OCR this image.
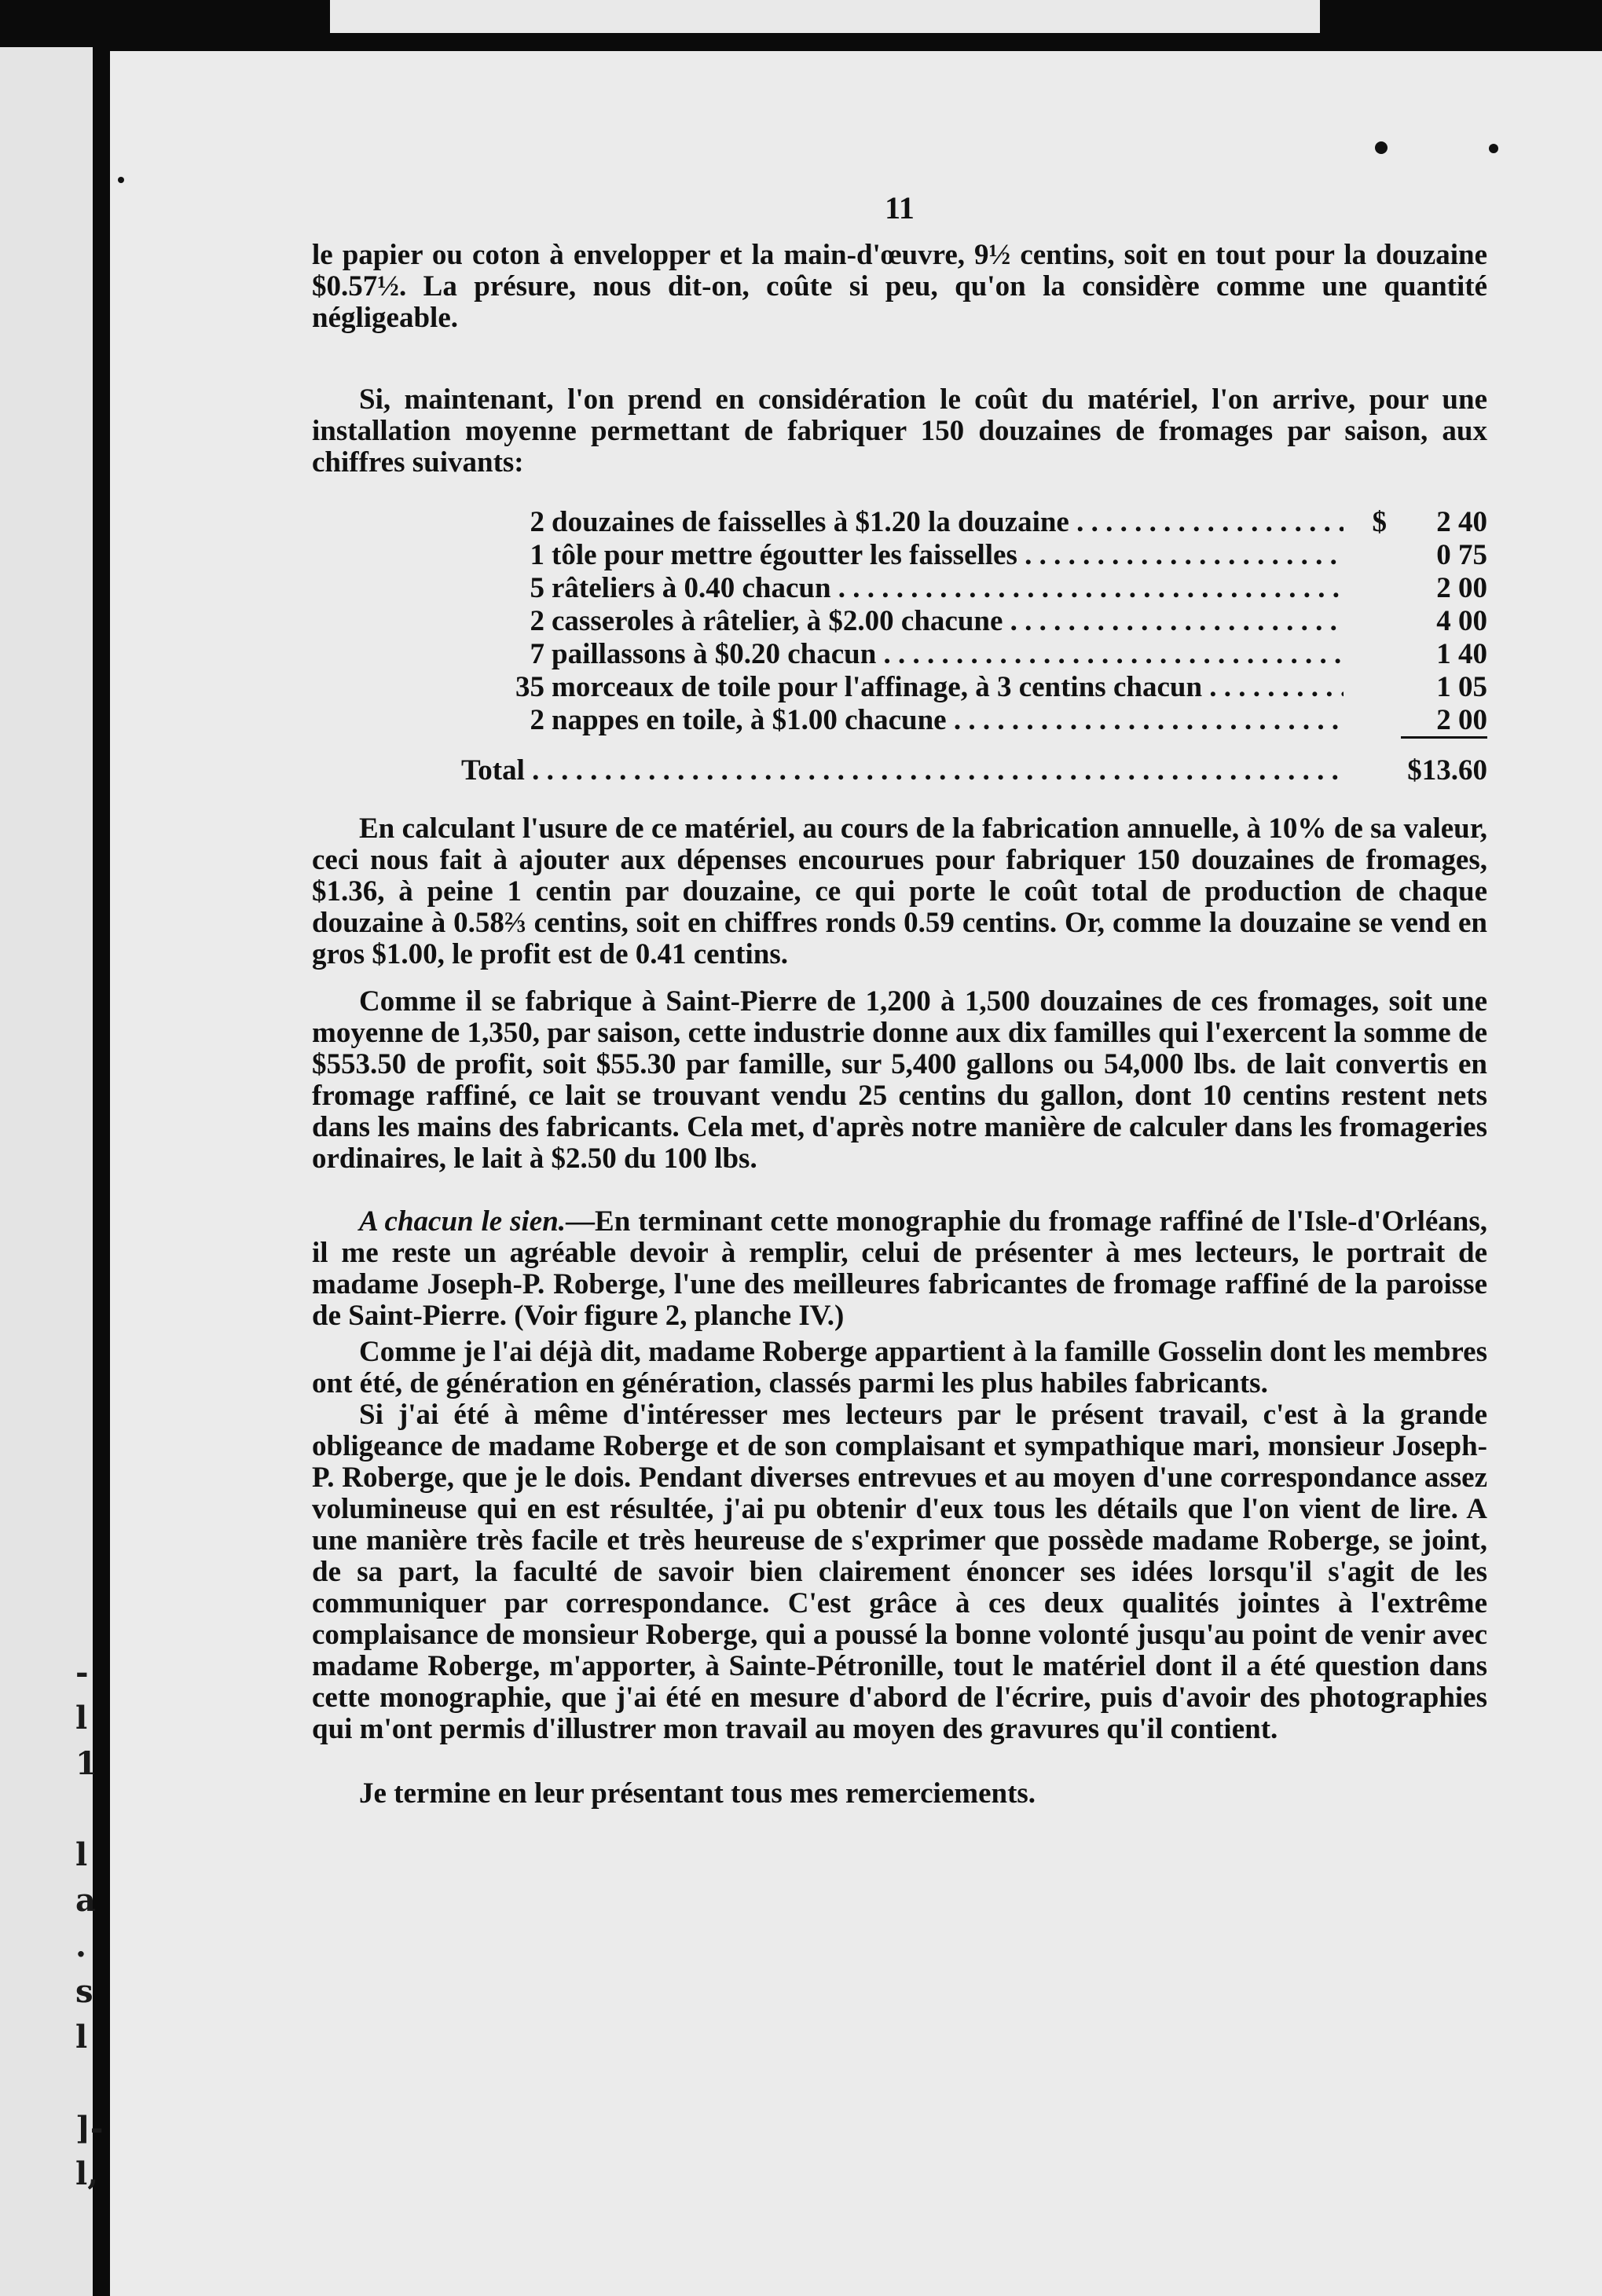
-
l
1
l
a
.
s
l
]-
l,
11

le papier ou coton à envelopper et la main-d'œuvre, 9½ centins, soit en tout pour la douzaine $0.57½. La présure, nous dit-on, coûte si peu, qu'on la considère comme une quantité négligeable.

Si, maintenant, l'on prend en considération le coût du matériel, l'on arrive, pour une installation moyenne permettant de fabriquer 150 douzaines de fromages par saison, aux chiffres suivants:

2 douzaines de faisselles à $1.20 la douzaine . . .	$	2 40
1 tôle pour mettre égoutter les faisselles . . .	0 75
5 râteliers à 0.40 chacun . . .	2 00
2 casseroles à râtelier, à $2.00 chacune . . .	4 00
7 paillassons à $0.20 chacun . . .	1 40
35 morceaux de toile pour l'affinage, à 3 centins chacun . . .	1 05
2 nappes en toile, à $1.00 chacune . . .	2 00
Total . . .	$13.60

En calculant l'usure de ce matériel, au cours de la fabrication annuelle, à 10% de sa valeur, ceci nous fait à ajouter aux dépenses encourues pour fabriquer 150 douzaines de fromages, $1.36, à peine 1 centin par douzaine, ce qui porte le coût total de production de chaque douzaine à 0.58⅔ centins, soit en chiffres ronds 0.59 centins. Or, comme la douzaine se vend en gros $1.00, le profit est de 0.41 centins.

Comme il se fabrique à Saint-Pierre de 1,200 à 1,500 douzaines de ces fromages, soit une moyenne de 1,350, par saison, cette industrie donne aux dix familles qui l'exercent la somme de $553.50 de profit, soit $55.30 par famille, sur 5,400 gallons ou 54,000 lbs. de lait convertis en fromage raffiné, ce lait se trouvant vendu 25 centins du gallon, dont 10 centins restent nets dans les mains des fabricants. Cela met, d'après notre manière de calculer dans les fromageries ordinaires, le lait à $2.50 du 100 lbs.

A chacun le sien.—En terminant cette monographie du fromage raffiné de l'Isle-d'Orléans, il me reste un agréable devoir à remplir, celui de présenter à mes lecteurs, le portrait de madame Joseph-P. Roberge, l'une des meilleures fabricantes de fromage raffiné de la paroisse de Saint-Pierre. (Voir figure 2, planche IV.)

Comme je l'ai déjà dit, madame Roberge appartient à la famille Gosselin dont les membres ont été, de génération en génération, classés parmi les plus habiles fabricants.

Si j'ai été à même d'intéresser mes lecteurs par le présent travail, c'est à la grande obligeance de madame Roberge et de son complaisant et sympathique mari, monsieur Joseph-P. Roberge, que je le dois. Pendant diverses entrevues et au moyen d'une correspondance assez volumineuse qui en est résultée, j'ai pu obtenir d'eux tous les détails que l'on vient de lire. A une manière très facile et très heureuse de s'exprimer que possède madame Roberge, se joint, de sa part, la faculté de savoir bien clairement énoncer ses idées lorsqu'il s'agit de les communiquer par correspondance. C'est grâce à ces deux qualités jointes à l'extrême complaisance de monsieur Roberge, qui a poussé la bonne volonté jusqu'au point de venir avec madame Roberge, m'apporter, à Sainte-Pétronille, tout le matériel dont il a été question dans cette monographie, que j'ai été en mesure d'abord de l'écrire, puis d'avoir des photographies qui m'ont permis d'illustrer mon travail au moyen des gravures qu'il contient.

Je termine en leur présentant tous mes remerciements.
